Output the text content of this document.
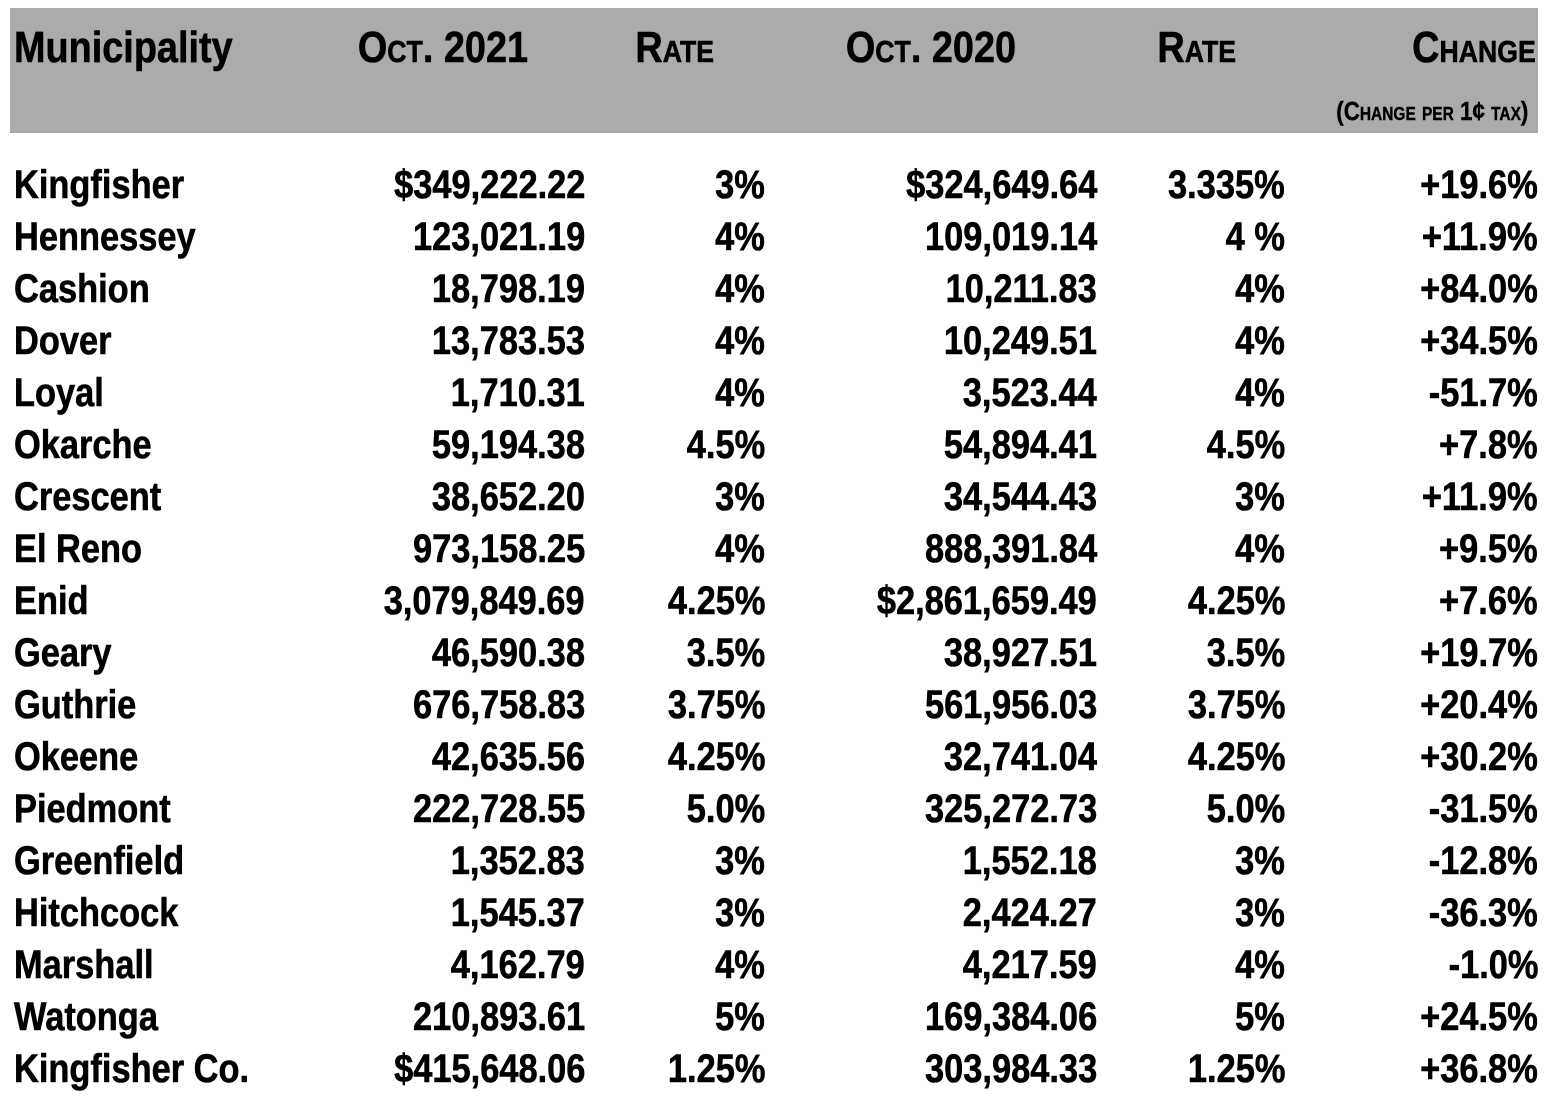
Municipality	Oct. 2021	Rate	Oct. 2020	Rate	Change
(Change per 1¢ tax)
Kingfisher	$349,222.22	3%	$324,649.64	3.335%	+19.6%
Hennessey	123,021.19	4%	109,019.14	4 %	+11.9%
Cashion	18,798.19	4%	10,211.83	4%	+84.0%
Dover	13,783.53	4%	10,249.51	4%	+34.5%
Loyal	1,710.31	4%	3,523.44	4%	-51.7%
Okarche	59,194.38	4.5%	54,894.41	4.5%	+7.8%
Crescent	38,652.20	3%	34,544.43	3%	+11.9%
El Reno	973,158.25	4%	888,391.84	4%	+9.5%
Enid	3,079,849.69	4.25%	$2,861,659.49	4.25%	+7.6%
Geary	46,590.38	3.5%	38,927.51	3.5%	+19.7%
Guthrie	676,758.83	3.75%	561,956.03	3.75%	+20.4%
Okeene	42,635.56	4.25%	32,741.04	4.25%	+30.2%
Piedmont	222,728.55	5.0%	325,272.73	5.0%	-31.5%
Greenfield	1,352.83	3%	1,552.18	3%	-12.8%
Hitchcock	1,545.37	3%	2,424.27	3%	-36.3%
Marshall	4,162.79	4%	4,217.59	4%	-1.0%
Watonga	210,893.61	5%	169,384.06	5%	+24.5%
Kingfisher Co.	$415,648.06	1.25%	303,984.33	1.25%	+36.8%
